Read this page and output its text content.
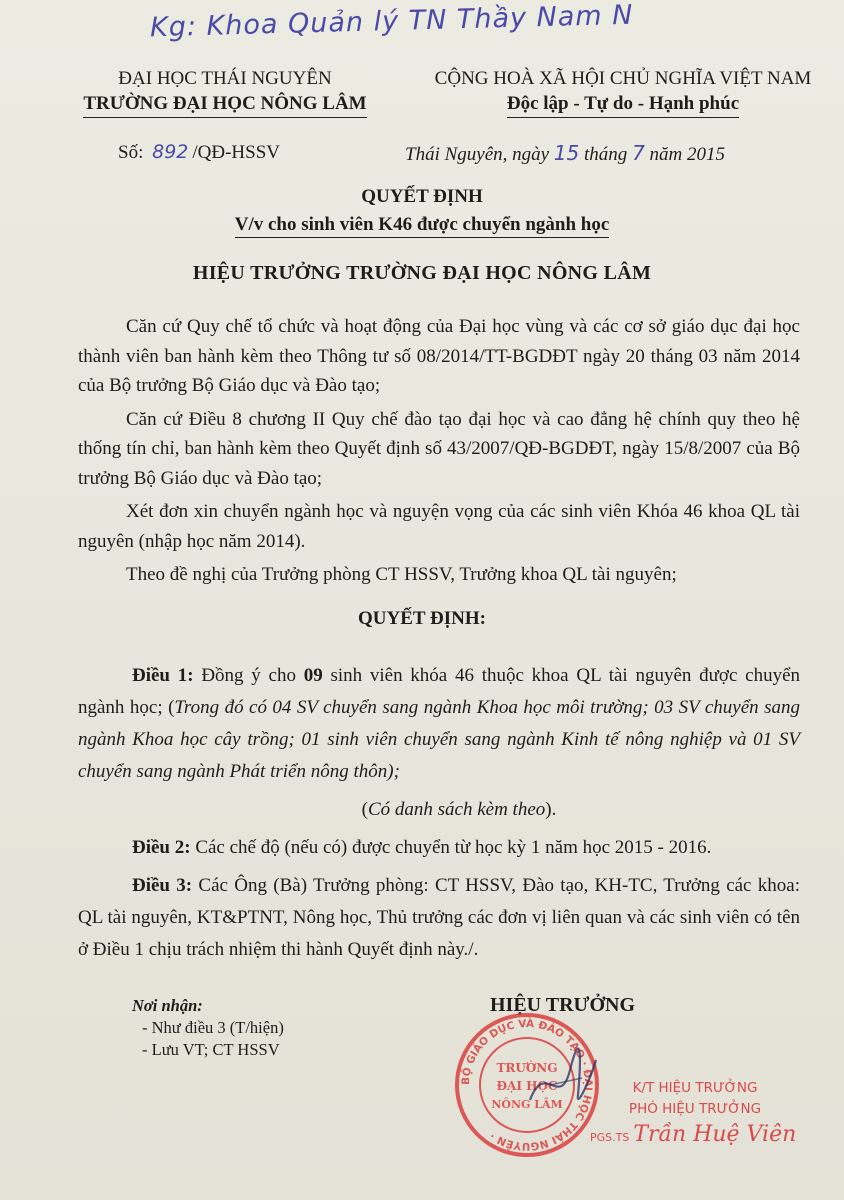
Kg: Khoa Quản lý TN Thầy Nam N
ĐẠI HỌC THÁI NGUYÊN
TRƯỜNG ĐẠI HỌC NÔNG LÂM
CỘNG HOÀ XÃ HỘI CHỦ NGHĨA VIỆT NAM
Độc lập - Tự do - Hạnh phúc
Số: 892 /QĐ-HSSV	Thái Nguyên, ngày 15 tháng 7 năm 2015
QUYẾT ĐỊNH
V/v cho sinh viên K46 được chuyển ngành học
HIỆU TRƯỞNG TRƯỜNG ĐẠI HỌC NÔNG LÂM

Căn cứ Quy chế tổ chức và hoạt động của Đại học vùng và các cơ sở giáo dục đại học thành viên ban hành kèm theo Thông tư số 08/2014/TT-BGDĐT ngày 20 tháng 03 năm 2014 của Bộ trưởng Bộ Giáo dục và Đào tạo;

Căn cứ Điều 8 chương II Quy chế đào tạo đại học và cao đẳng hệ chính quy theo hệ thống tín chỉ, ban hành kèm theo Quyết định số 43/2007/QĐ-BGDĐT, ngày 15/8/2007 của Bộ trưởng Bộ Giáo dục và Đào tạo;

Xét đơn xin chuyển ngành học và nguyện vọng của các sinh viên Khóa 46 khoa QL tài nguyên (nhập học năm 2014).

Theo đề nghị của Trưởng phòng CT HSSV, Trưởng khoa QL tài nguyên;

QUYẾT ĐỊNH:

Điều 1: Đồng ý cho 09 sinh viên khóa 46 thuộc khoa QL tài nguyên được chuyển ngành học; (Trong đó có 04 SV chuyển sang ngành Khoa học môi trường; 03 SV chuyển sang ngành Khoa học cây trồng; 01 sinh viên chuyển sang ngành Kinh tế nông nghiệp và 01 SV chuyển sang ngành Phát triển nông thôn);

(Có danh sách kèm theo).

Điều 2: Các chế độ (nếu có) được chuyển từ học kỳ 1 năm học 2015 - 2016.

Điều 3: Các Ông (Bà) Trưởng phòng: CT HSSV, Đào tạo, KH-TC, Trưởng các khoa: QL tài nguyên, KT&PTNT, Nông học, Thủ trưởng các đơn vị liên quan và các sinh viên có tên ở Điều 1 chịu trách nhiệm thi hành Quyết định này./.

Nơi nhận:
- Như điều 3 (T/hiện)
- Lưu VT; CT HSSV
HIỆU TRƯỞNG
BỘ GIÁO DỤC VÀ ĐÀO TẠO · ĐẠI HỌC THÁI NGUYÊN ·
TRƯỜNG
ĐẠI HỌC
NÔNG LÂM
K/T HIỆU TRƯỞNG
PHÓ HIỆU TRƯỞNG
PGS.TS Trần Huệ Viên
